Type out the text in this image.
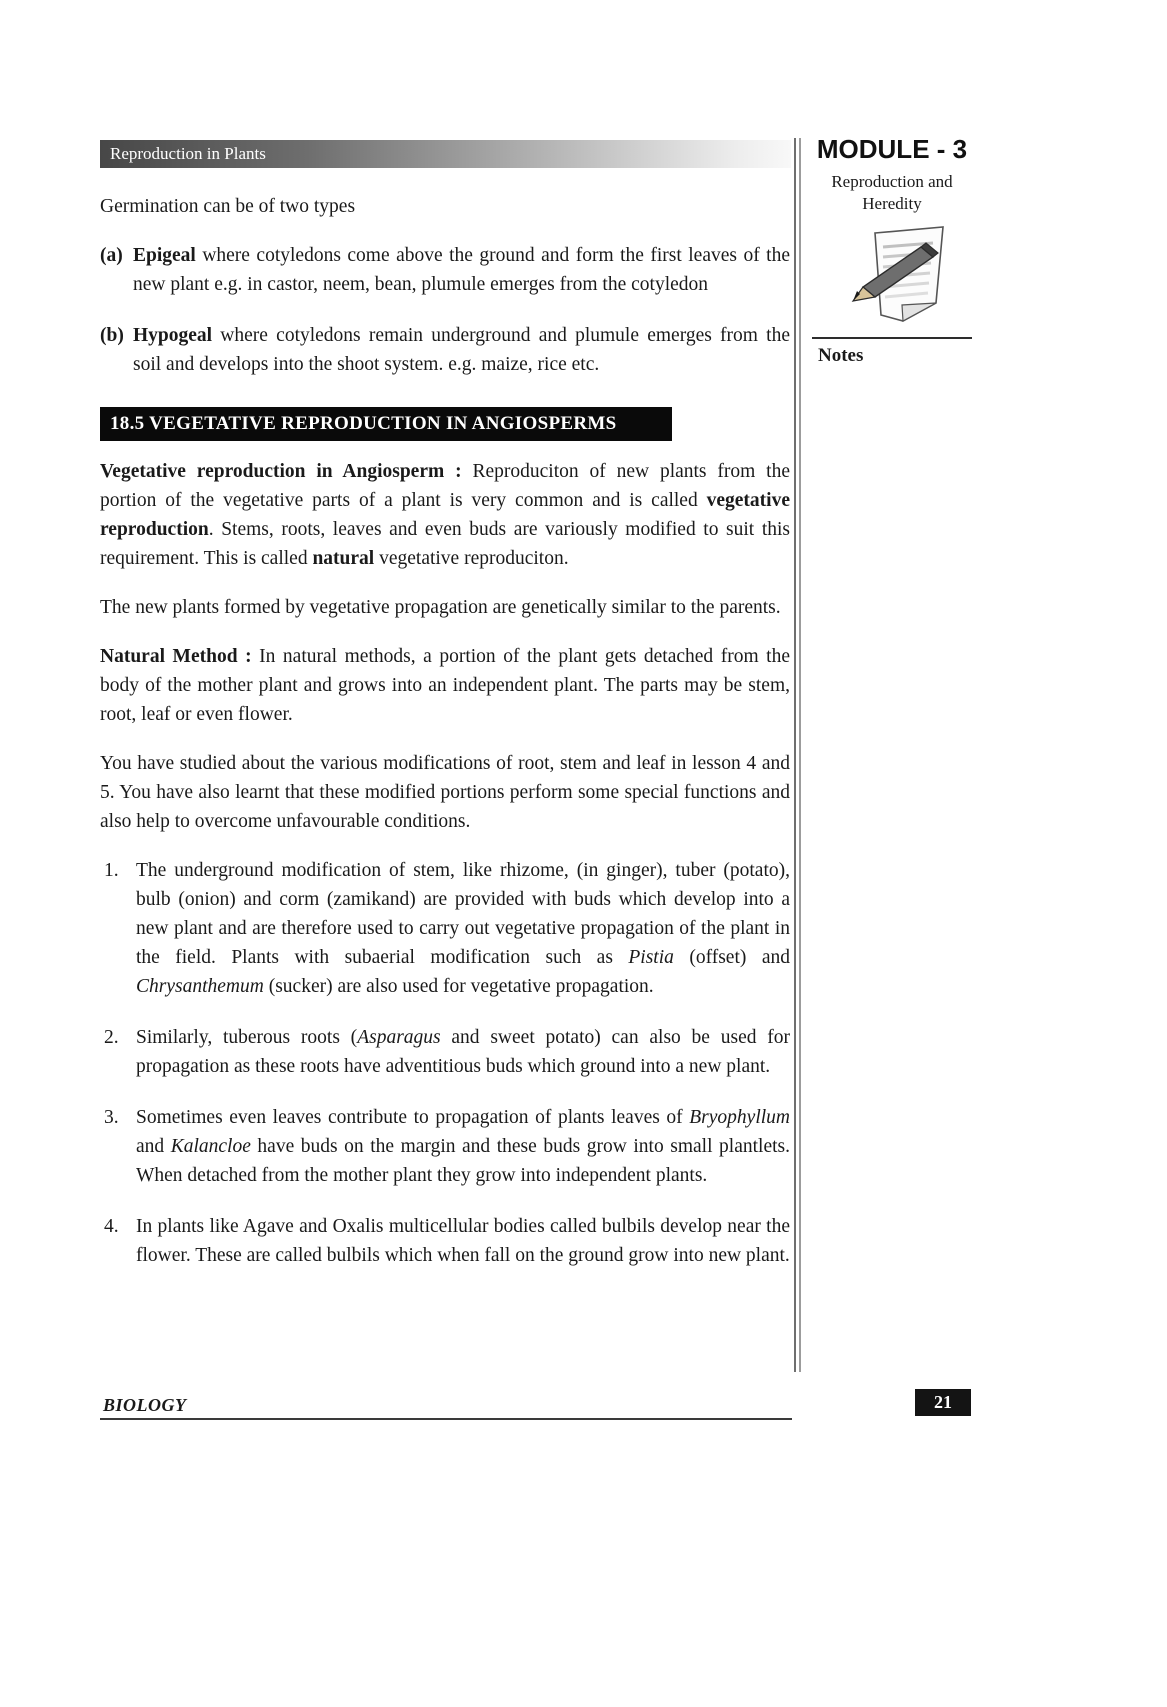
Reproduction in Plants	MODULE - 3
Reproduction and
Heredity
Notes

Germination can be of two types

(a) Epigeal where cotyledons come above the ground and form the first leaves of the new plant e.g. in castor, neem, bean, plumule emerges from the cotyledon
(b) Hypogeal where cotyledons remain underground and plumule emerges from the soil and develops into the shoot system. e.g. maize, rice etc.
18.5 VEGETATIVE REPRODUCTION IN ANGIOSPERMS

Vegetative reproduction in Angiosperm : Reproduciton of new plants from the portion of the vegetative parts of a plant is very common and is called vegetative reproduction. Stems, roots, leaves and even buds are variously modified to suit this requirement. This is called natural vegetative reproduciton.

The new plants formed by vegetative propagation are genetically similar to the parents.

Natural Method : In natural methods, a portion of the plant gets detached from the body of the mother plant and grows into an independent plant. The parts may be stem, root, leaf or even flower.

You have studied about the various modifications of root, stem and leaf in lesson 4 and 5. You have also learnt that these modified portions perform some special functions and also help to overcome unfavourable conditions.

1. The underground modification of stem, like rhizome, (in ginger), tuber (potato), bulb (onion) and corm (zamikand) are provided with buds which develop into a new plant and are therefore used to carry out vegetative propagation of the plant in the field. Plants with subaerial modification such as Pistia (offset) and Chrysanthemum (sucker) are also used for vegetative propagation.
2. Similarly, tuberous roots (Asparagus and sweet potato) can also be used for propagation as these roots have adventitious buds which ground into a new plant.
3. Sometimes even leaves contribute to propagation of plants leaves of Bryophyllum and Kalancloe have buds on the margin and these buds grow into small plantlets. When detached from the mother plant they grow into independent plants.
4. In plants like Agave and Oxalis multicellular bodies called bulbils develop near the flower. These are called bulbils which when fall on the ground grow into new plant.
BIOLOGY	21
